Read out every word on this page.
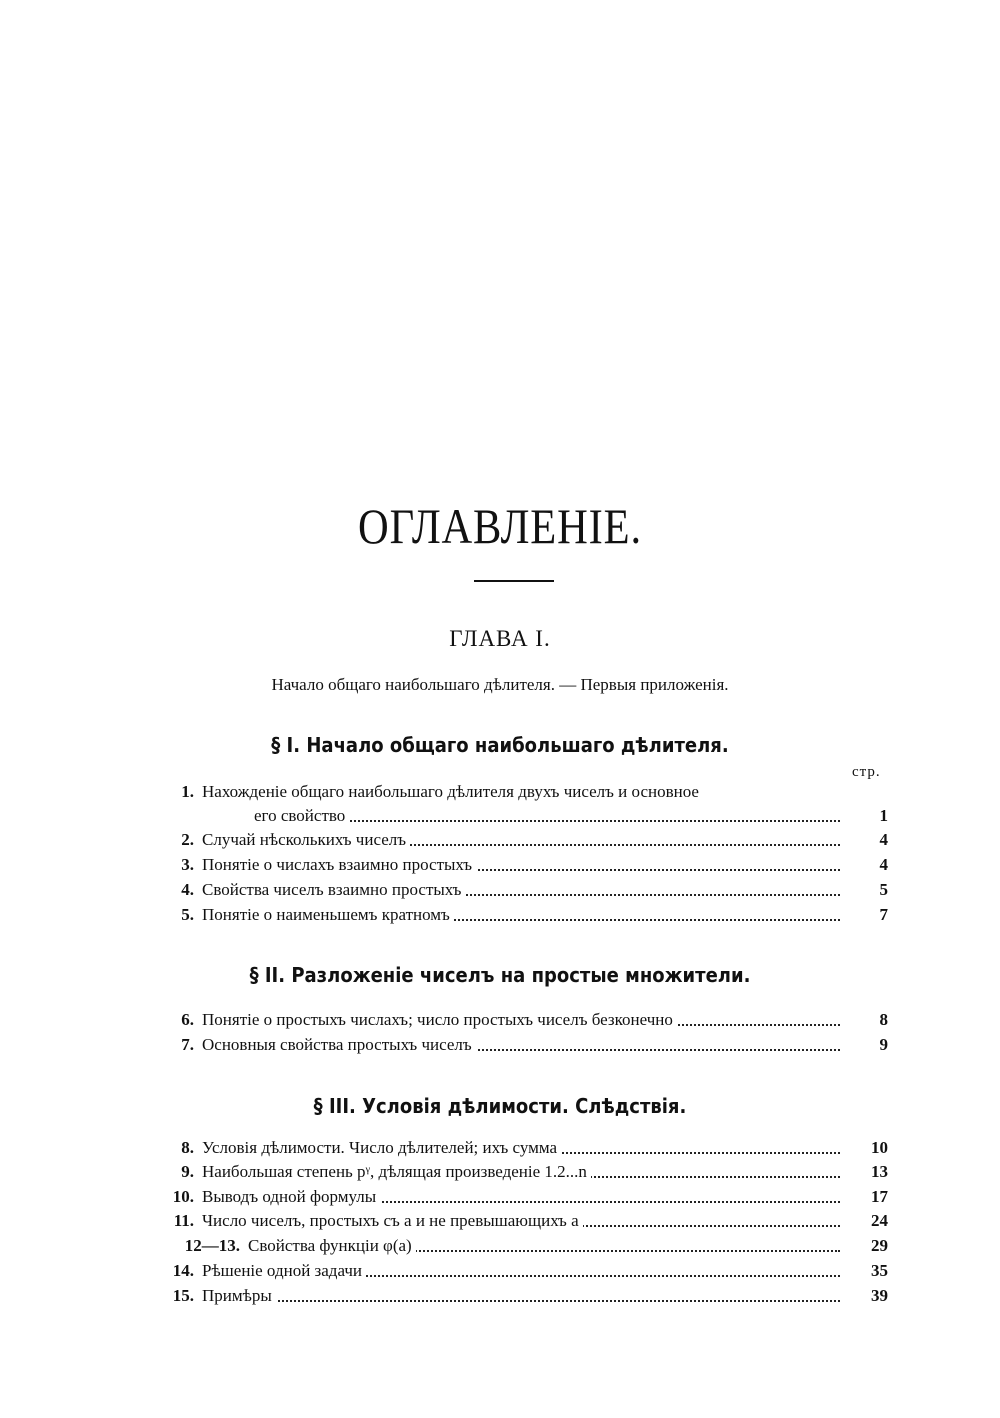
ОГЛАВЛЕНІЕ.
ГЛАВА I.
Начало общаго наибольшаго дѣлителя. — Первыя приложенія.
§ I. Начало общаго наибольшаго дѣлителя.
стр.
1. Нахожденіе общаго наибольшаго дѣлителя двухъ чиселъ и основное
его свойство	1
2. Случай нѣсколькихъ чиселъ	4
3. Понятіе о числахъ взаимно простыхъ	4
4. Свойства чиселъ взаимно простыхъ	5
5. Понятіе о наименьшемъ кратномъ	7
§ II. Разложеніе чиселъ на простые множители.
6. Понятіе о простыхъ числахъ; число простыхъ чиселъ безконечно	8
7. Основныя свойства простыхъ чиселъ	9
§ III. Условія дѣлимости. Слѣдствія.
8. Условія дѣлимости. Число дѣлителей; ихъ сумма	10
9. Наибольшая степень pᵞ, дѣлящая произведеніе 1.2...n	13
10. Выводъ одной формулы	17
11. Число чиселъ, простыхъ съ a и не превышающихъ a	24
12—13. Свойства функціи φ(a)	29
14. Рѣшеніе одной задачи	35
15. Примѣры	39
